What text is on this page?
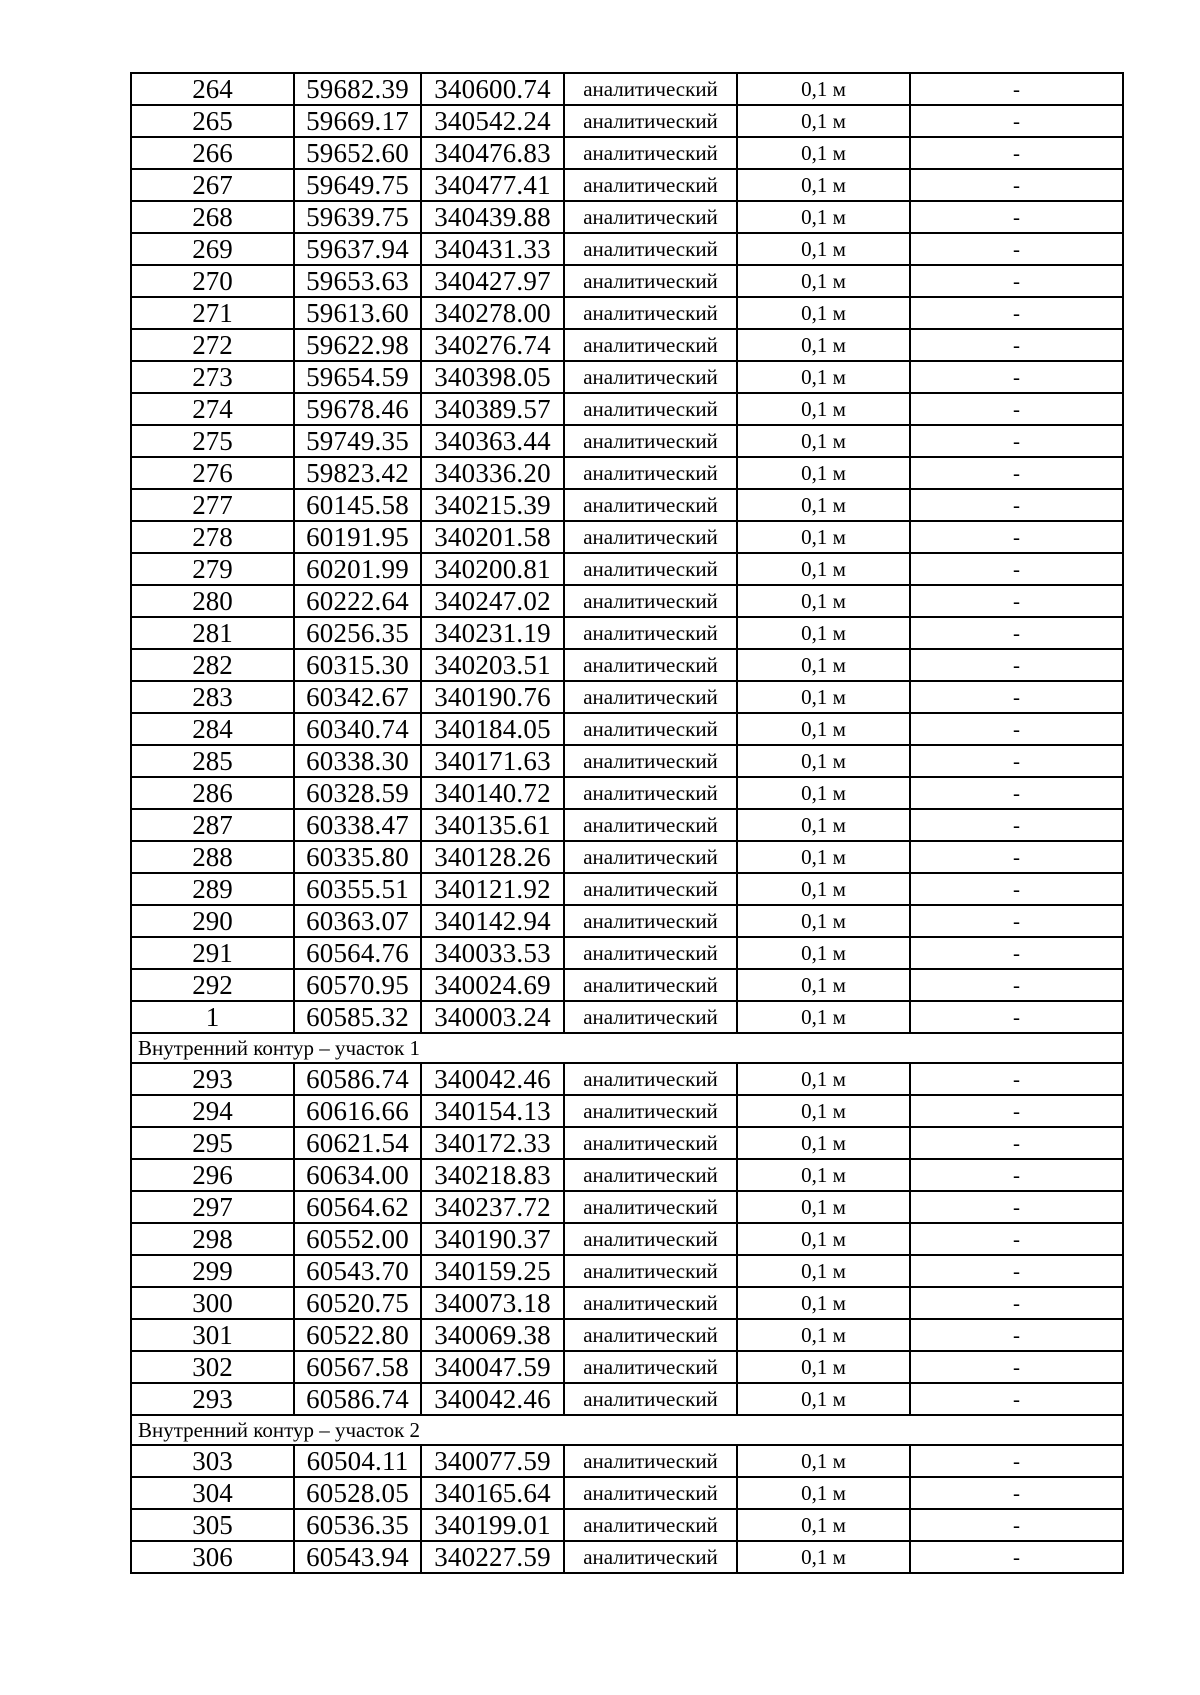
264	59682.39	340600.74	аналитический	0,1 м	-
265	59669.17	340542.24	аналитический	0,1 м	-
266	59652.60	340476.83	аналитический	0,1 м	-
267	59649.75	340477.41	аналитический	0,1 м	-
268	59639.75	340439.88	аналитический	0,1 м	-
269	59637.94	340431.33	аналитический	0,1 м	-
270	59653.63	340427.97	аналитический	0,1 м	-
271	59613.60	340278.00	аналитический	0,1 м	-
272	59622.98	340276.74	аналитический	0,1 м	-
273	59654.59	340398.05	аналитический	0,1 м	-
274	59678.46	340389.57	аналитический	0,1 м	-
275	59749.35	340363.44	аналитический	0,1 м	-
276	59823.42	340336.20	аналитический	0,1 м	-
277	60145.58	340215.39	аналитический	0,1 м	-
278	60191.95	340201.58	аналитический	0,1 м	-
279	60201.99	340200.81	аналитический	0,1 м	-
280	60222.64	340247.02	аналитический	0,1 м	-
281	60256.35	340231.19	аналитический	0,1 м	-
282	60315.30	340203.51	аналитический	0,1 м	-
283	60342.67	340190.76	аналитический	0,1 м	-
284	60340.74	340184.05	аналитический	0,1 м	-
285	60338.30	340171.63	аналитический	0,1 м	-
286	60328.59	340140.72	аналитический	0,1 м	-
287	60338.47	340135.61	аналитический	0,1 м	-
288	60335.80	340128.26	аналитический	0,1 м	-
289	60355.51	340121.92	аналитический	0,1 м	-
290	60363.07	340142.94	аналитический	0,1 м	-
291	60564.76	340033.53	аналитический	0,1 м	-
292	60570.95	340024.69	аналитический	0,1 м	-
1	60585.32	340003.24	аналитический	0,1 м	-
Внутренний контур – участок 1					
293	60586.74	340042.46	аналитический	0,1 м	-
294	60616.66	340154.13	аналитический	0,1 м	-
295	60621.54	340172.33	аналитический	0,1 м	-
296	60634.00	340218.83	аналитический	0,1 м	-
297	60564.62	340237.72	аналитический	0,1 м	-
298	60552.00	340190.37	аналитический	0,1 м	-
299	60543.70	340159.25	аналитический	0,1 м	-
300	60520.75	340073.18	аналитический	0,1 м	-
301	60522.80	340069.38	аналитический	0,1 м	-
302	60567.58	340047.59	аналитический	0,1 м	-
293	60586.74	340042.46	аналитический	0,1 м	-
Внутренний контур – участок 2					
303	60504.11	340077.59	аналитический	0,1 м	-
304	60528.05	340165.64	аналитический	0,1 м	-
305	60536.35	340199.01	аналитический	0,1 м	-
306	60543.94	340227.59	аналитический	0,1 м	-
